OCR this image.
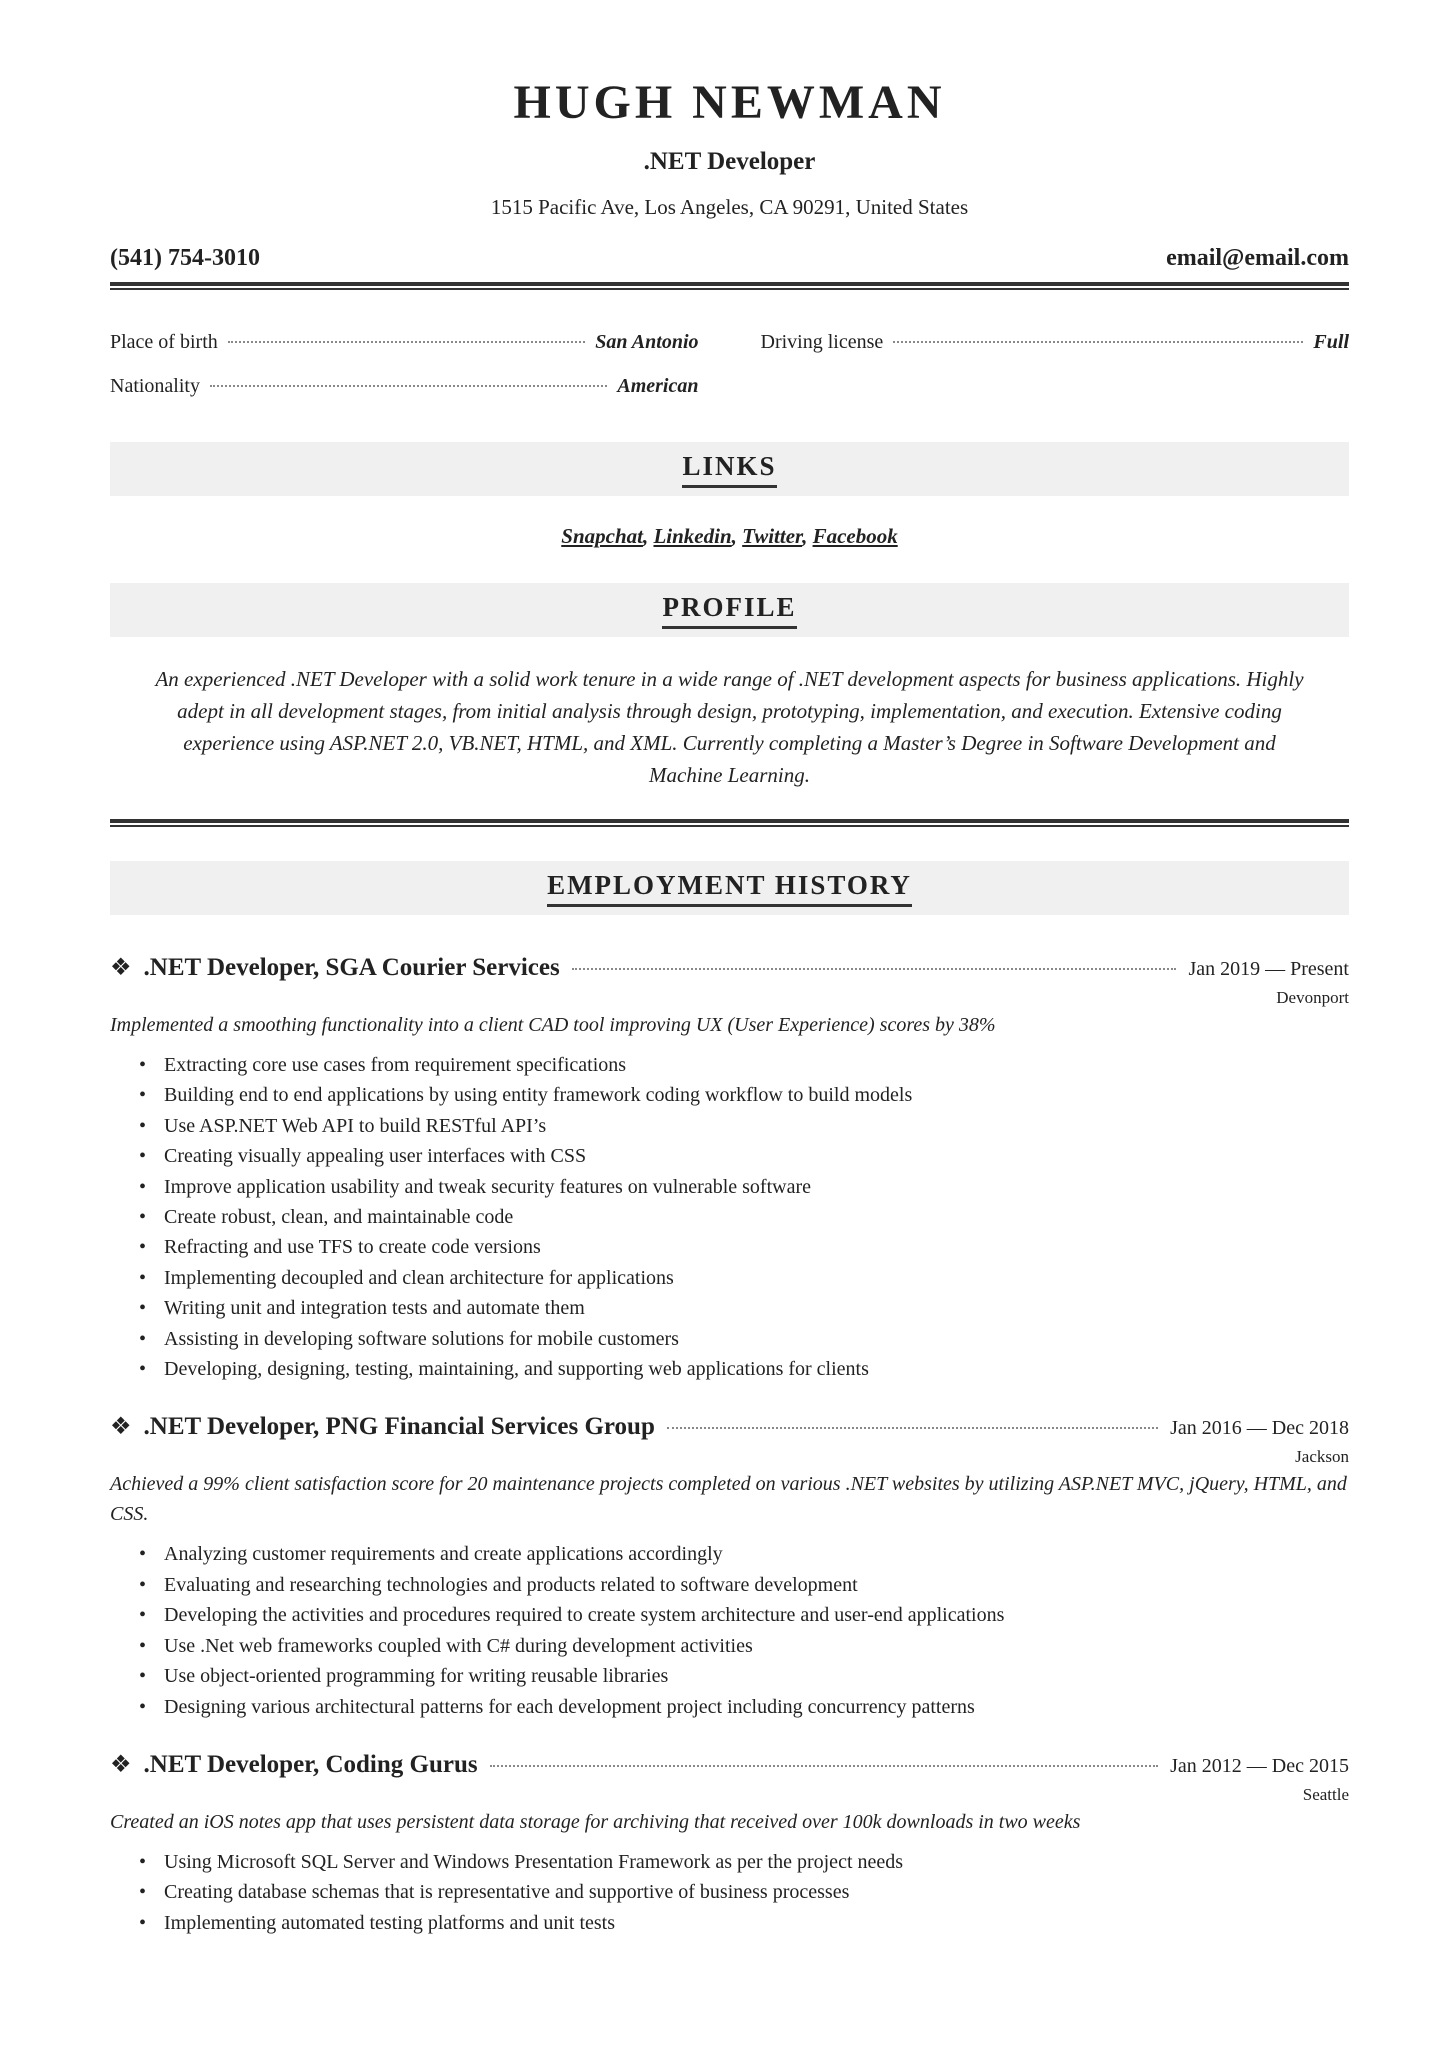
HUGH NEWMAN
.NET Developer
1515 Pacific Ave, Los Angeles, CA 90291, United States
(541) 754-3010	email@email.com
Place of birth	San Antonio	Driving license	Full
Nationality	American
LINKS
Snapchat, Linkedin, Twitter, Facebook
PROFILE
An experienced .NET Developer with a solid work tenure in a wide range of .NET development aspects for business applications. Highly adept in all development stages, from initial analysis through design, prototyping, implementation, and execution. Extensive coding experience using ASP.NET 2.0, VB.NET, HTML, and XML. Currently completing a Master’s Degree in Software Development and Machine Learning.
EMPLOYMENT HISTORY
❖ .NET Developer, SGA Courier Services	Jan 2019 — Present
Devonport
Implemented a smoothing functionality into a client CAD tool improving UX (User Experience) scores by 38%
• Extracting core use cases from requirement specifications
• Building end to end applications by using entity framework coding workflow to build models
• Use ASP.NET Web API to build RESTful API’s
• Creating visually appealing user interfaces with CSS
• Improve application usability and tweak security features on vulnerable software
• Create robust, clean, and maintainable code
• Refracting and use TFS to create code versions
• Implementing decoupled and clean architecture for applications
• Writing unit and integration tests and automate them
• Assisting in developing software solutions for mobile customers
• Developing, designing, testing, maintaining, and supporting web applications for clients
❖ .NET Developer, PNG Financial Services Group	Jan 2016 — Dec 2018
Jackson
Achieved a 99% client satisfaction score for 20 maintenance projects completed on various .NET websites by utilizing ASP.NET MVC, jQuery, HTML, and CSS.
• Analyzing customer requirements and create applications accordingly
• Evaluating and researching technologies and products related to software development
• Developing the activities and procedures required to create system architecture and user-end applications
• Use .Net web frameworks coupled with C# during development activities
• Use object-oriented programming for writing reusable libraries
• Designing various architectural patterns for each development project including concurrency patterns
❖ .NET Developer, Coding Gurus	Jan 2012 — Dec 2015
Seattle
Created an iOS notes app that uses persistent data storage for archiving that received over 100k downloads in two weeks
• Using Microsoft SQL Server and Windows Presentation Framework as per the project needs
• Creating database schemas that is representative and supportive of business processes
• Implementing automated testing platforms and unit tests
